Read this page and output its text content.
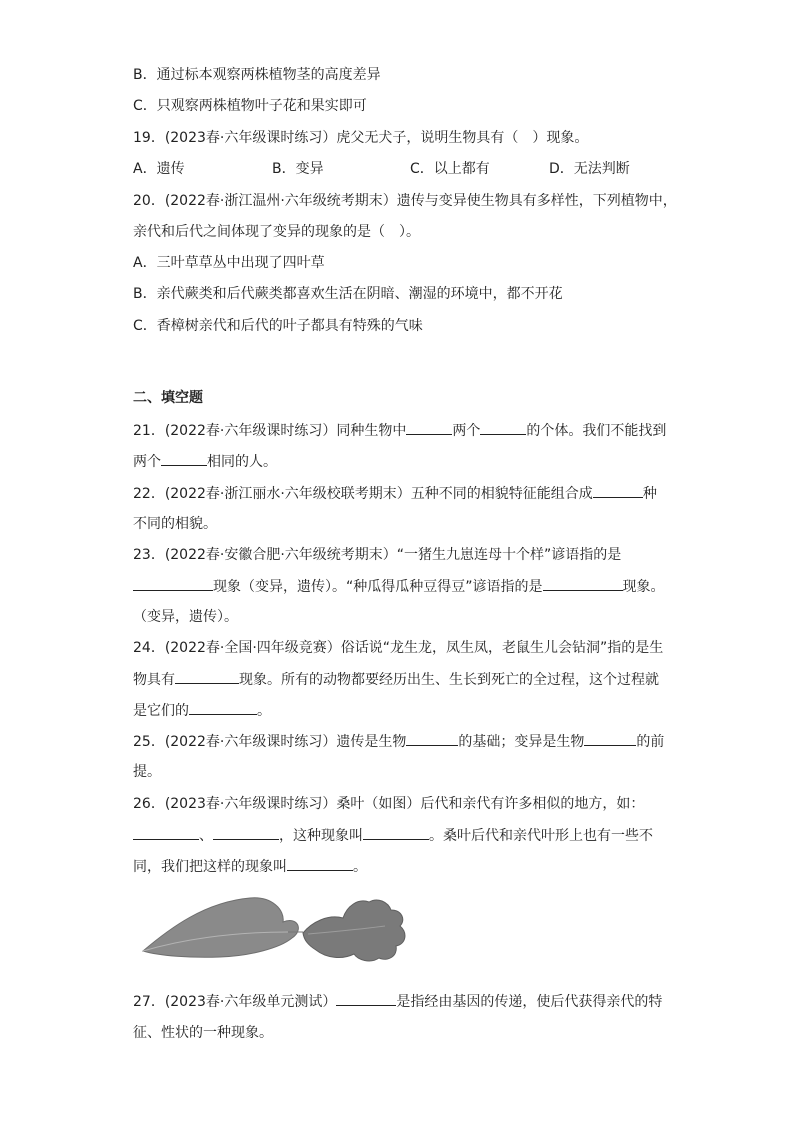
B．通过标本观察两株植物茎的高度差异
C．只观察两株植物叶子花和果实即可
19．(2023春·六年级课时练习）虎父无犬子，说明生物具有（　）现象。
A．遗传	B．变异	C．以上都有	D．无法判断
20．(2022春·浙江温州·六年级统考期末）遗传与变异使生物具有多样性，下列植物中，
亲代和后代之间体现了变异的现象的是（　）。
A．三叶草草丛中出现了四叶草
B．亲代蕨类和后代蕨类都喜欢生活在阴暗、潮湿的环境中，都不开花
C．香樟树亲代和后代的叶子都具有特殊的气味
二、填空题
21．(2022春·六年级课时练习）同种生物中	两个	的个体。我们不能找到
两个	相同的人。
22．(2022春·浙江丽水·六年级校联考期末）五种不同的相貌特征能组合成	种
不同的相貌。
23．(2022春·安徽合肥·六年级统考期末）“一猪生九崽连母十个样”谚语指的是
现象（变异，遗传）。“种瓜得瓜种豆得豆”谚语指的是	现象。
（变异，遗传）。
24．(2022春·全国·四年级竞赛）俗话说“龙生龙，凤生凤，老鼠生儿会钻洞”指的是生
物具有	现象。所有的动物都要经历出生、生长到死亡的全过程，这个过程就
是它们的	。
25．(2022春·六年级课时练习）遗传是生物	的基础；变异是生物	的前
提。
26．(2023春·六年级课时练习）桑叶（如图）后代和亲代有许多相似的地方，如：
、	，这种现象叫	。桑叶后代和亲代叶形上也有一些不
同，我们把这样的现象叫	。
27．(2023春·六年级单元测试）	是指经由基因的传递，使后代获得亲代的特
征、性状的一种现象。
